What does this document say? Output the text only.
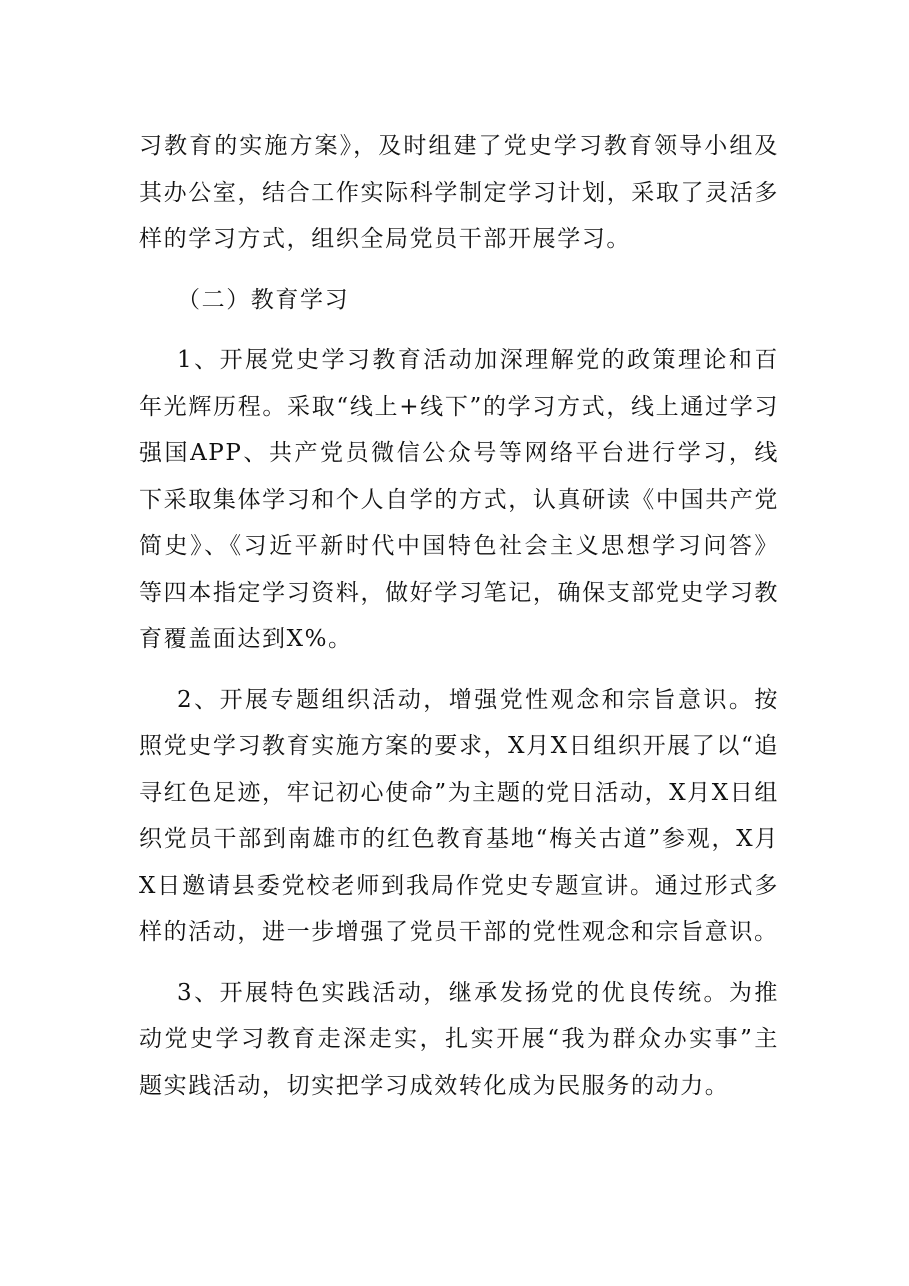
习教育的实施方案》，及时组建了党史学习教育领导小组及其办公室，结合工作实际科学制定学习计划，采取了灵活多样的学习方式，组织全局党员干部开展学习。

（二）教育学习

1、开展党史学习教育活动加深理解党的政策理论和百年光辉历程。采取“线上+线下”的学习方式，线上通过学习强国APP、共产党员微信公众号等网络平台进行学习，线下采取集体学习和个人自学的方式，认真研读《中国共产党简史》、《习近平新时代中国特色社会主义思想学习问答》等四本指定学习资料，做好学习笔记，确保支部党史学习教育覆盖面达到X%。

2、开展专题组织活动，增强党性观念和宗旨意识。按照党史学习教育实施方案的要求，X月X日组织开展了以“追寻红色足迹，牢记初心使命”为主题的党日活动，X月X日组织党员干部到南雄市的红色教育基地“梅关古道”参观，X月X日邀请县委党校老师到我局作党史专题宣讲。通过形式多样的活动，进一步增强了党员干部的党性观念和宗旨意识。

3、开展特色实践活动，继承发扬党的优良传统。为推动党史学习教育走深走实，扎实开展“我为群众办实事”主题实践活动，切实把学习成效转化成为民服务的动力。
